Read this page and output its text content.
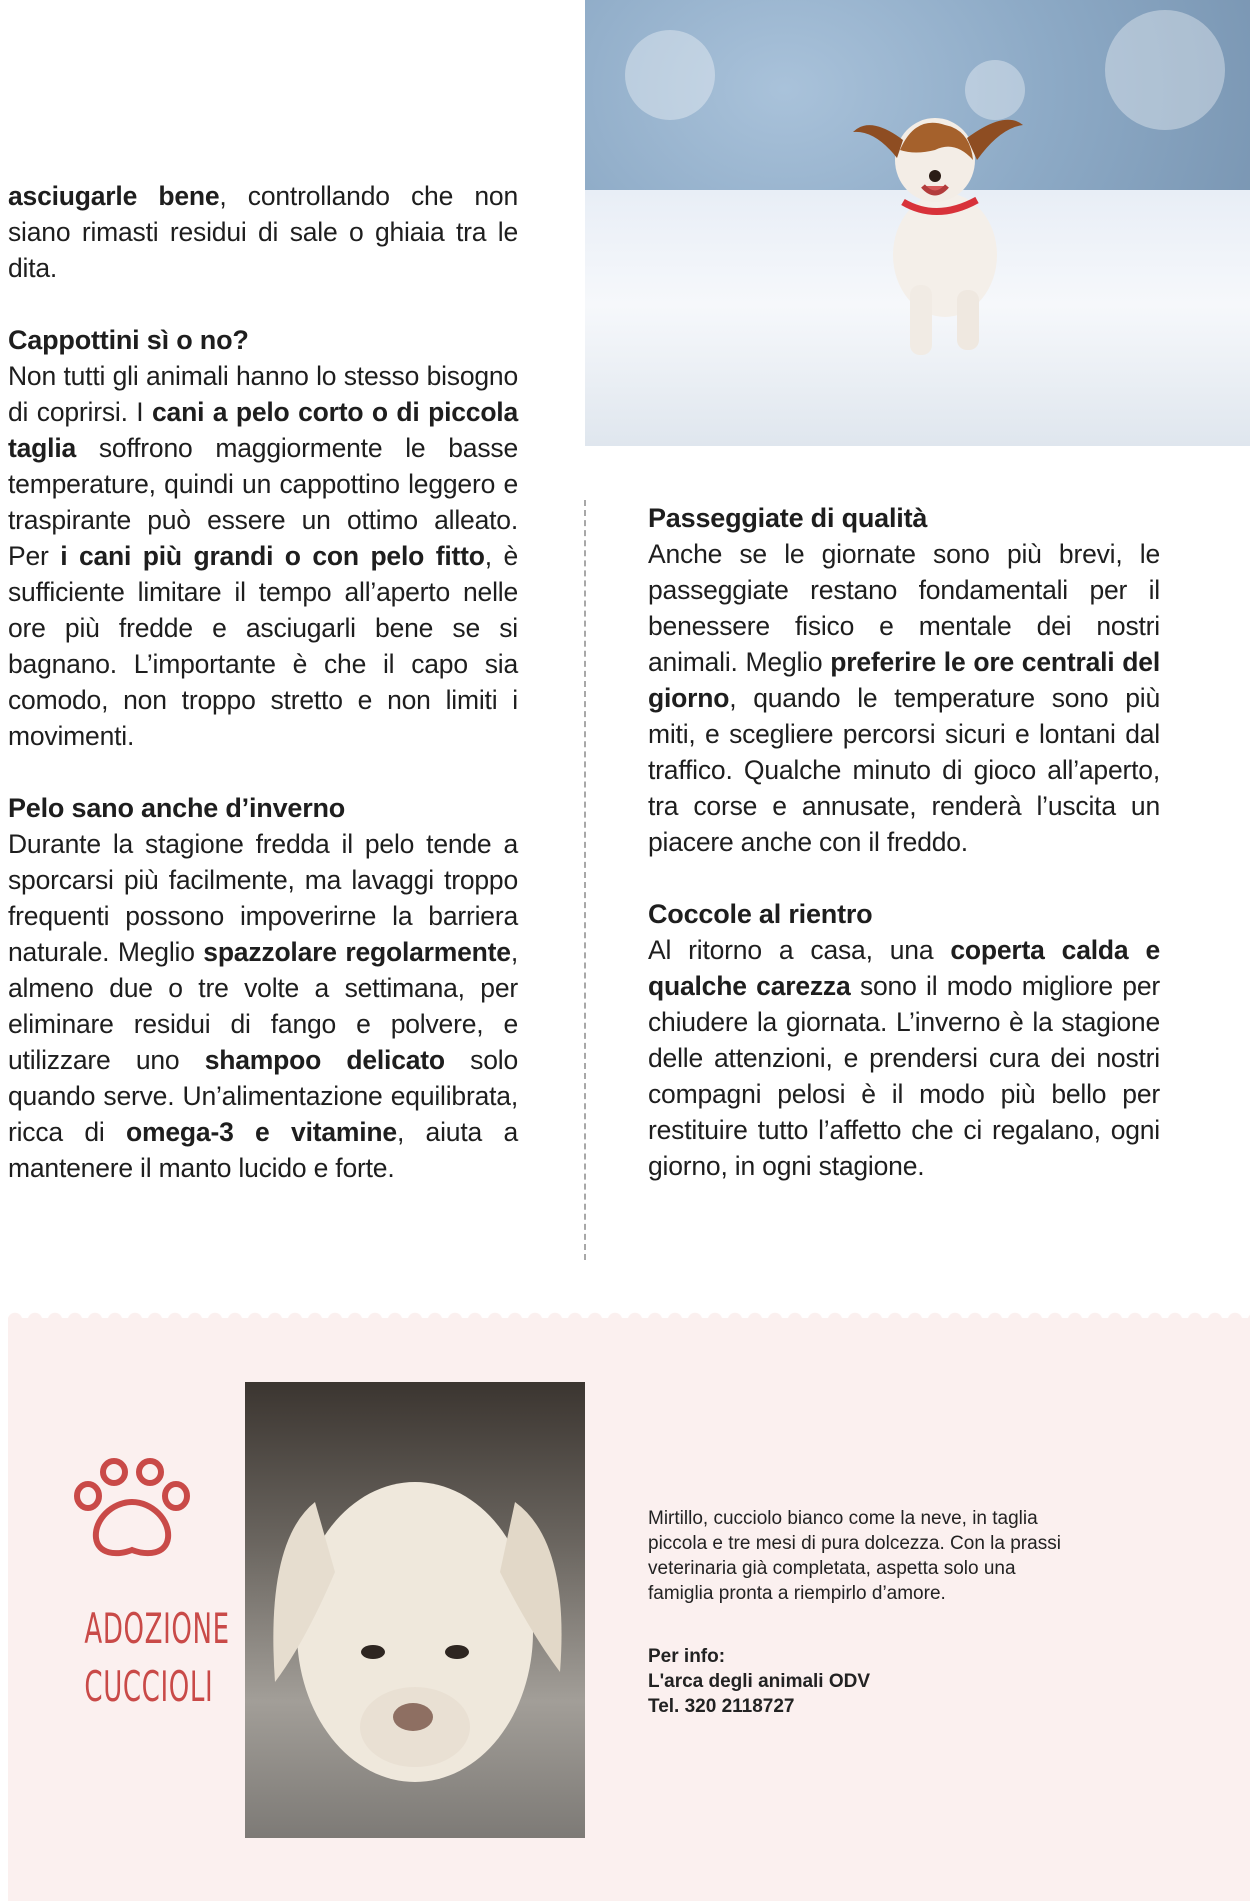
asciugarle bene, controllando che non siano rimasti residui di sale o ghiaia tra le dita.

Cappottini sì o no?

Non tutti gli animali hanno lo stesso bisogno di coprirsi. I cani a pelo corto o di piccola taglia soffrono maggiormente le basse temperature, quindi un cappottino leggero e traspirante può essere un ottimo alleato. Per i cani più grandi o con pelo fitto, è sufficiente limitare il tempo all’aperto nelle ore più fredde e asciugarli bene se si bagnano. L’importante è che il capo sia comodo, non troppo stretto e non limiti i movimenti.

Pelo sano anche d’inverno

Durante la stagione fredda il pelo tende a sporcarsi più facilmente, ma lavaggi troppo frequenti possono impoverirne la barriera naturale. Meglio spazzolare regolarmente, almeno due o tre volte a settimana, per eliminare residui di fango e polvere, e utilizzare uno shampoo delicato solo quando serve. Un’alimentazione equilibrata, ricca di omega-3 e vitamine, aiuta a mantenere il manto lucido e forte.

Passeggiate di qualità

Anche se le giornate sono più brevi, le passeggiate restano fondamentali per il benessere fisico e mentale dei nostri animali. Meglio preferire le ore centrali del giorno, quando le temperature sono più miti, e scegliere percorsi sicuri e lontani dal traffico. Qualche minuto di gioco all’aperto, tra corse e annusate, renderà l’uscita un piacere anche con il freddo.

Coccole al rientro

Al ritorno a casa, una coperta calda e qualche carezza sono il modo migliore per chiudere la giornata. L’inverno è la stagione delle attenzioni, e prendersi cura dei nostri compagni pelosi è il modo più bello per restituire tutto l’affetto che ci regalano, ogni giorno, in ogni stagione.

ADOZIONE
CUCCIOLI

Mirtillo, cucciolo bianco come la neve, in taglia piccola e tre mesi di pura dolcezza. Con la prassi veterinaria già completata, aspetta solo una famiglia pronta a riempirlo d’amore.

Per info:

L'arca degli animali ODV

Tel. 320 2118727
